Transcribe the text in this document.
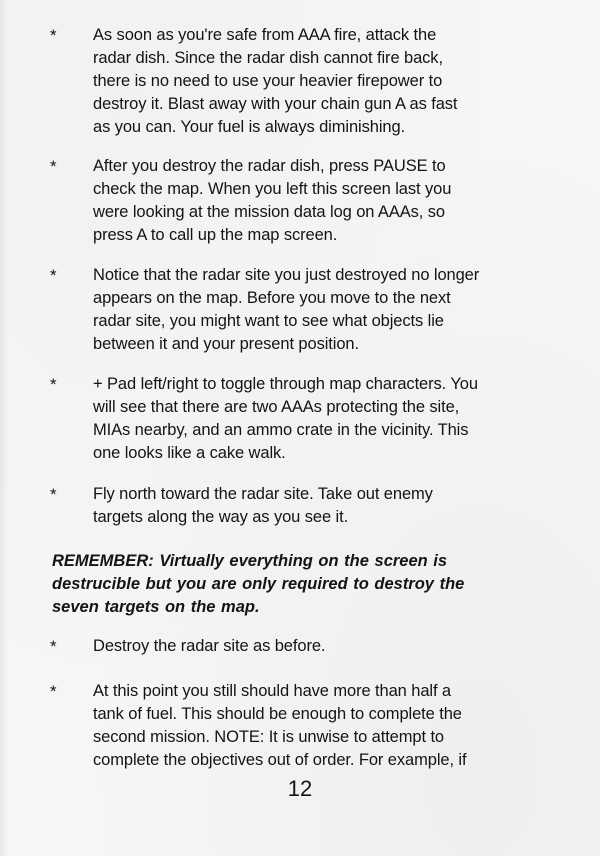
* As soon as you're safe from AAA fire, attack the
radar dish. Since the radar dish cannot fire back,
there is no need to use your heavier firepower to
destroy it. Blast away with your chain gun A as fast
as you can. Your fuel is always diminishing.
* After you destroy the radar dish, press PAUSE to
check the map. When you left this screen last you
were looking at the mission data log on AAAs, so
press A to call up the map screen.
* Notice that the radar site you just destroyed no longer
appears on the map. Before you move to the next
radar site, you might want to see what objects lie
between it and your present position.
* + Pad left/right to toggle through map characters. You
will see that there are two AAAs protecting the site,
MIAs nearby, and an ammo crate in the vicinity. This
one looks like a cake walk.
* Fly north toward the radar site. Take out enemy
targets along the way as you see it.
REMEMBER: Virtually everything on the screen is
destrucible but you are only required to destroy the
seven targets on the map.
* Destroy the radar site as before.
* At this point you still should have more than half a
tank of fuel. This should be enough to complete the
second mission. NOTE: It is unwise to attempt to
complete the objectives out of order. For example, if
12
